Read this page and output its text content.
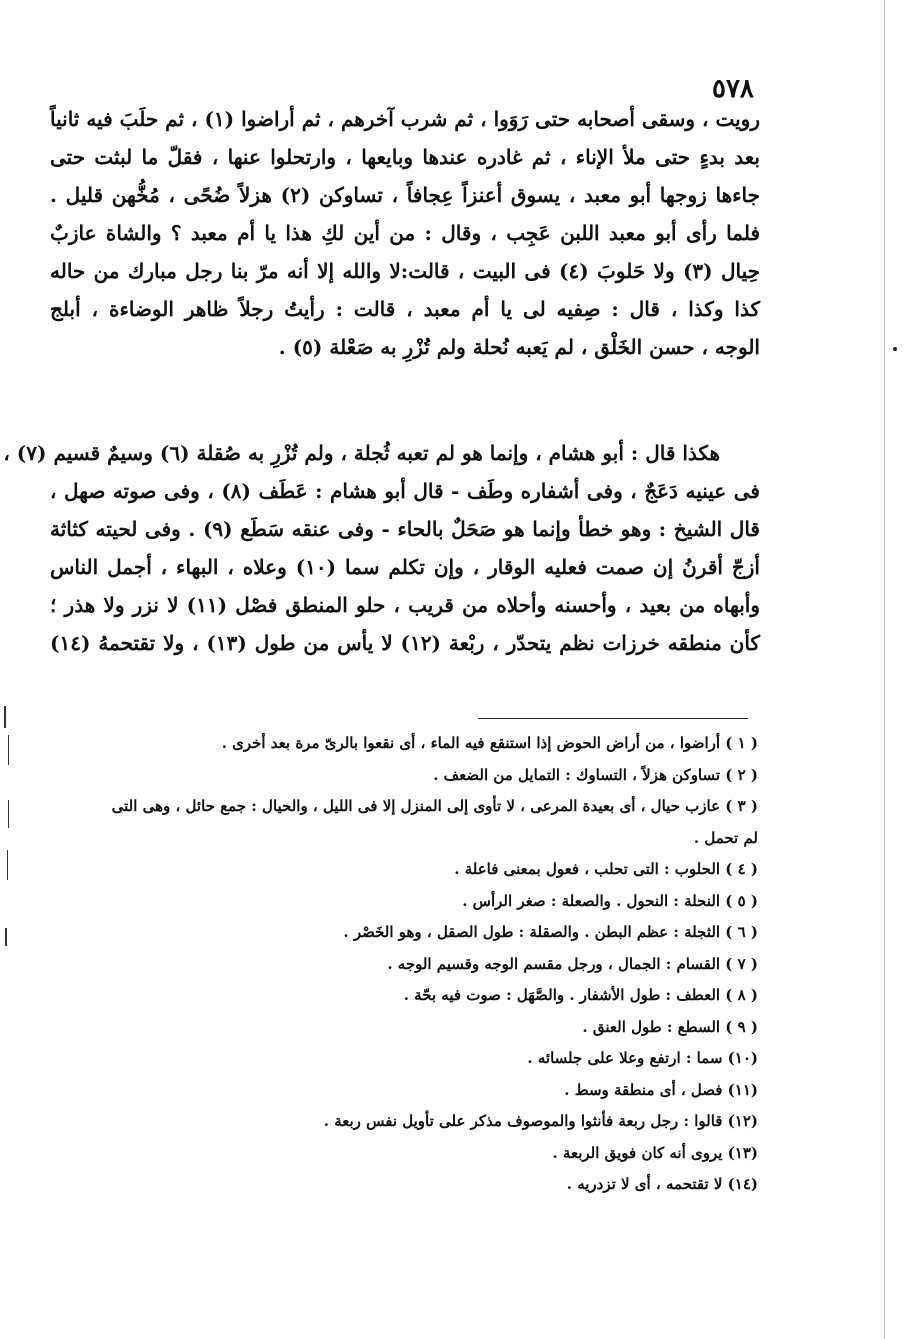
٥٧٨
رويت ، وسقى أصحابه حتى رَوَوا ، ثم شرب آخرهم ، ثم أراضوا (١) ، ثم حلَبَ فيه ثانياً
بعد بدءٍ حتى ملأ الإناء ، ثم غادره عندها وبايعها ، وارتحلوا عنها ، فقلّ ما لبثت حتى
جاءها زوجها أبو معبد ، يسوق أعنزاً عِجافاً ، تساوكن (٢) هزلاً ضُحًى ، مُخُّهن قليل .
فلما رأى أبو معبد اللبن عَجِب ، وقال : من أين لكِ هذا يا أم معبد ؟ والشاة عازبٌ
حِيال (٣) ولا حَلوبَ (٤) فى البيت ، قالت:لا والله إلا أنه مرّ بنا رجل مبارك من حاله
كذا وكذا ، قال : صِفيه لى يا أم معبد ، قالت : رأيتُ رجلاً ظاهر الوضاءة ، أبلج
الوجه ، حسن الخَلْق ، لم يَعبه نُحلة ولم تُزْرِ به صَعْلة (٥) .
هكذا قال : أبو هشام ، وإنما هو لم تعبه ثُجلة ، ولم تُزْرِ به صُقلة (٦) وسيمٌ قسيم (٧) ،
فى عينيه دَعَجٌ ، وفى أشفاره وطَف - قال أبو هشام : عَطَف (٨) ، وفى صوته صهل ،
قال الشيخ : وهو خطأ وإنما هو صَحَلٌ بالحاء - وفى عنقه سَطَع (٩) . وفى لحيته كثاثة
أزجّ أقرنُ إن صمت فعليه الوقار ، وإن تكلم سما (١٠) وعلاه ، البهاء ، أجمل الناس
وأبهاه من بعيد ، وأحسنه وأحلاه من قريب ، حلو المنطق فصْل (١١) لا نزر ولا هذر ؛
كأن منطقه خرزات نظم يتحدّر ، ربْعة (١٢) لا يأس من طول (١٣) ، ولا تقتحمهُ (١٤)
( ١ ) أراضوا ، من أراض الحوض إذا استنقع فيه الماء ، أى نقعوا بالرىّ مرة بعد أخرى .
( ٢ ) تساوكن هزلاً ، التساوك : التمايل من الضعف .
( ٣ ) عازب حيال ، أى بعيدة المرعى ، لا تأوى إلى المنزل إلا فى الليل ، والحيال : جمع حائل ، وهى التى
لم تحمل .
( ٤ ) الحلوب : التى تحلب ، فعول بمعنى فاعلة .
( ٥ ) النحلة : النحول . والصعلة : صغر الرأس .
( ٦ ) الثجلة : عظم البطن . والصقلة : طول الصقل ، وهو الخَصْر .
( ٧ ) القسام : الجمال ، ورجل مقسم الوجه وقسيم الوجه .
( ٨ ) العطف : طول الأشفار . والصَّهَل : صوت فيه بحّة .
( ٩ ) السطع : طول العنق .
(١٠) سما : ارتفع وعلا على جلسائه .
(١١) فصل ، أى منطقة وسط .
(١٢) قالوا : رجل ربعة فأنثوا والموصوف مذكر على تأويل نفس ربعة .
(١٣) يروى أنه كان فويق الربعة .
(١٤) لا تقتحمه ، أى لا تزدريه .
